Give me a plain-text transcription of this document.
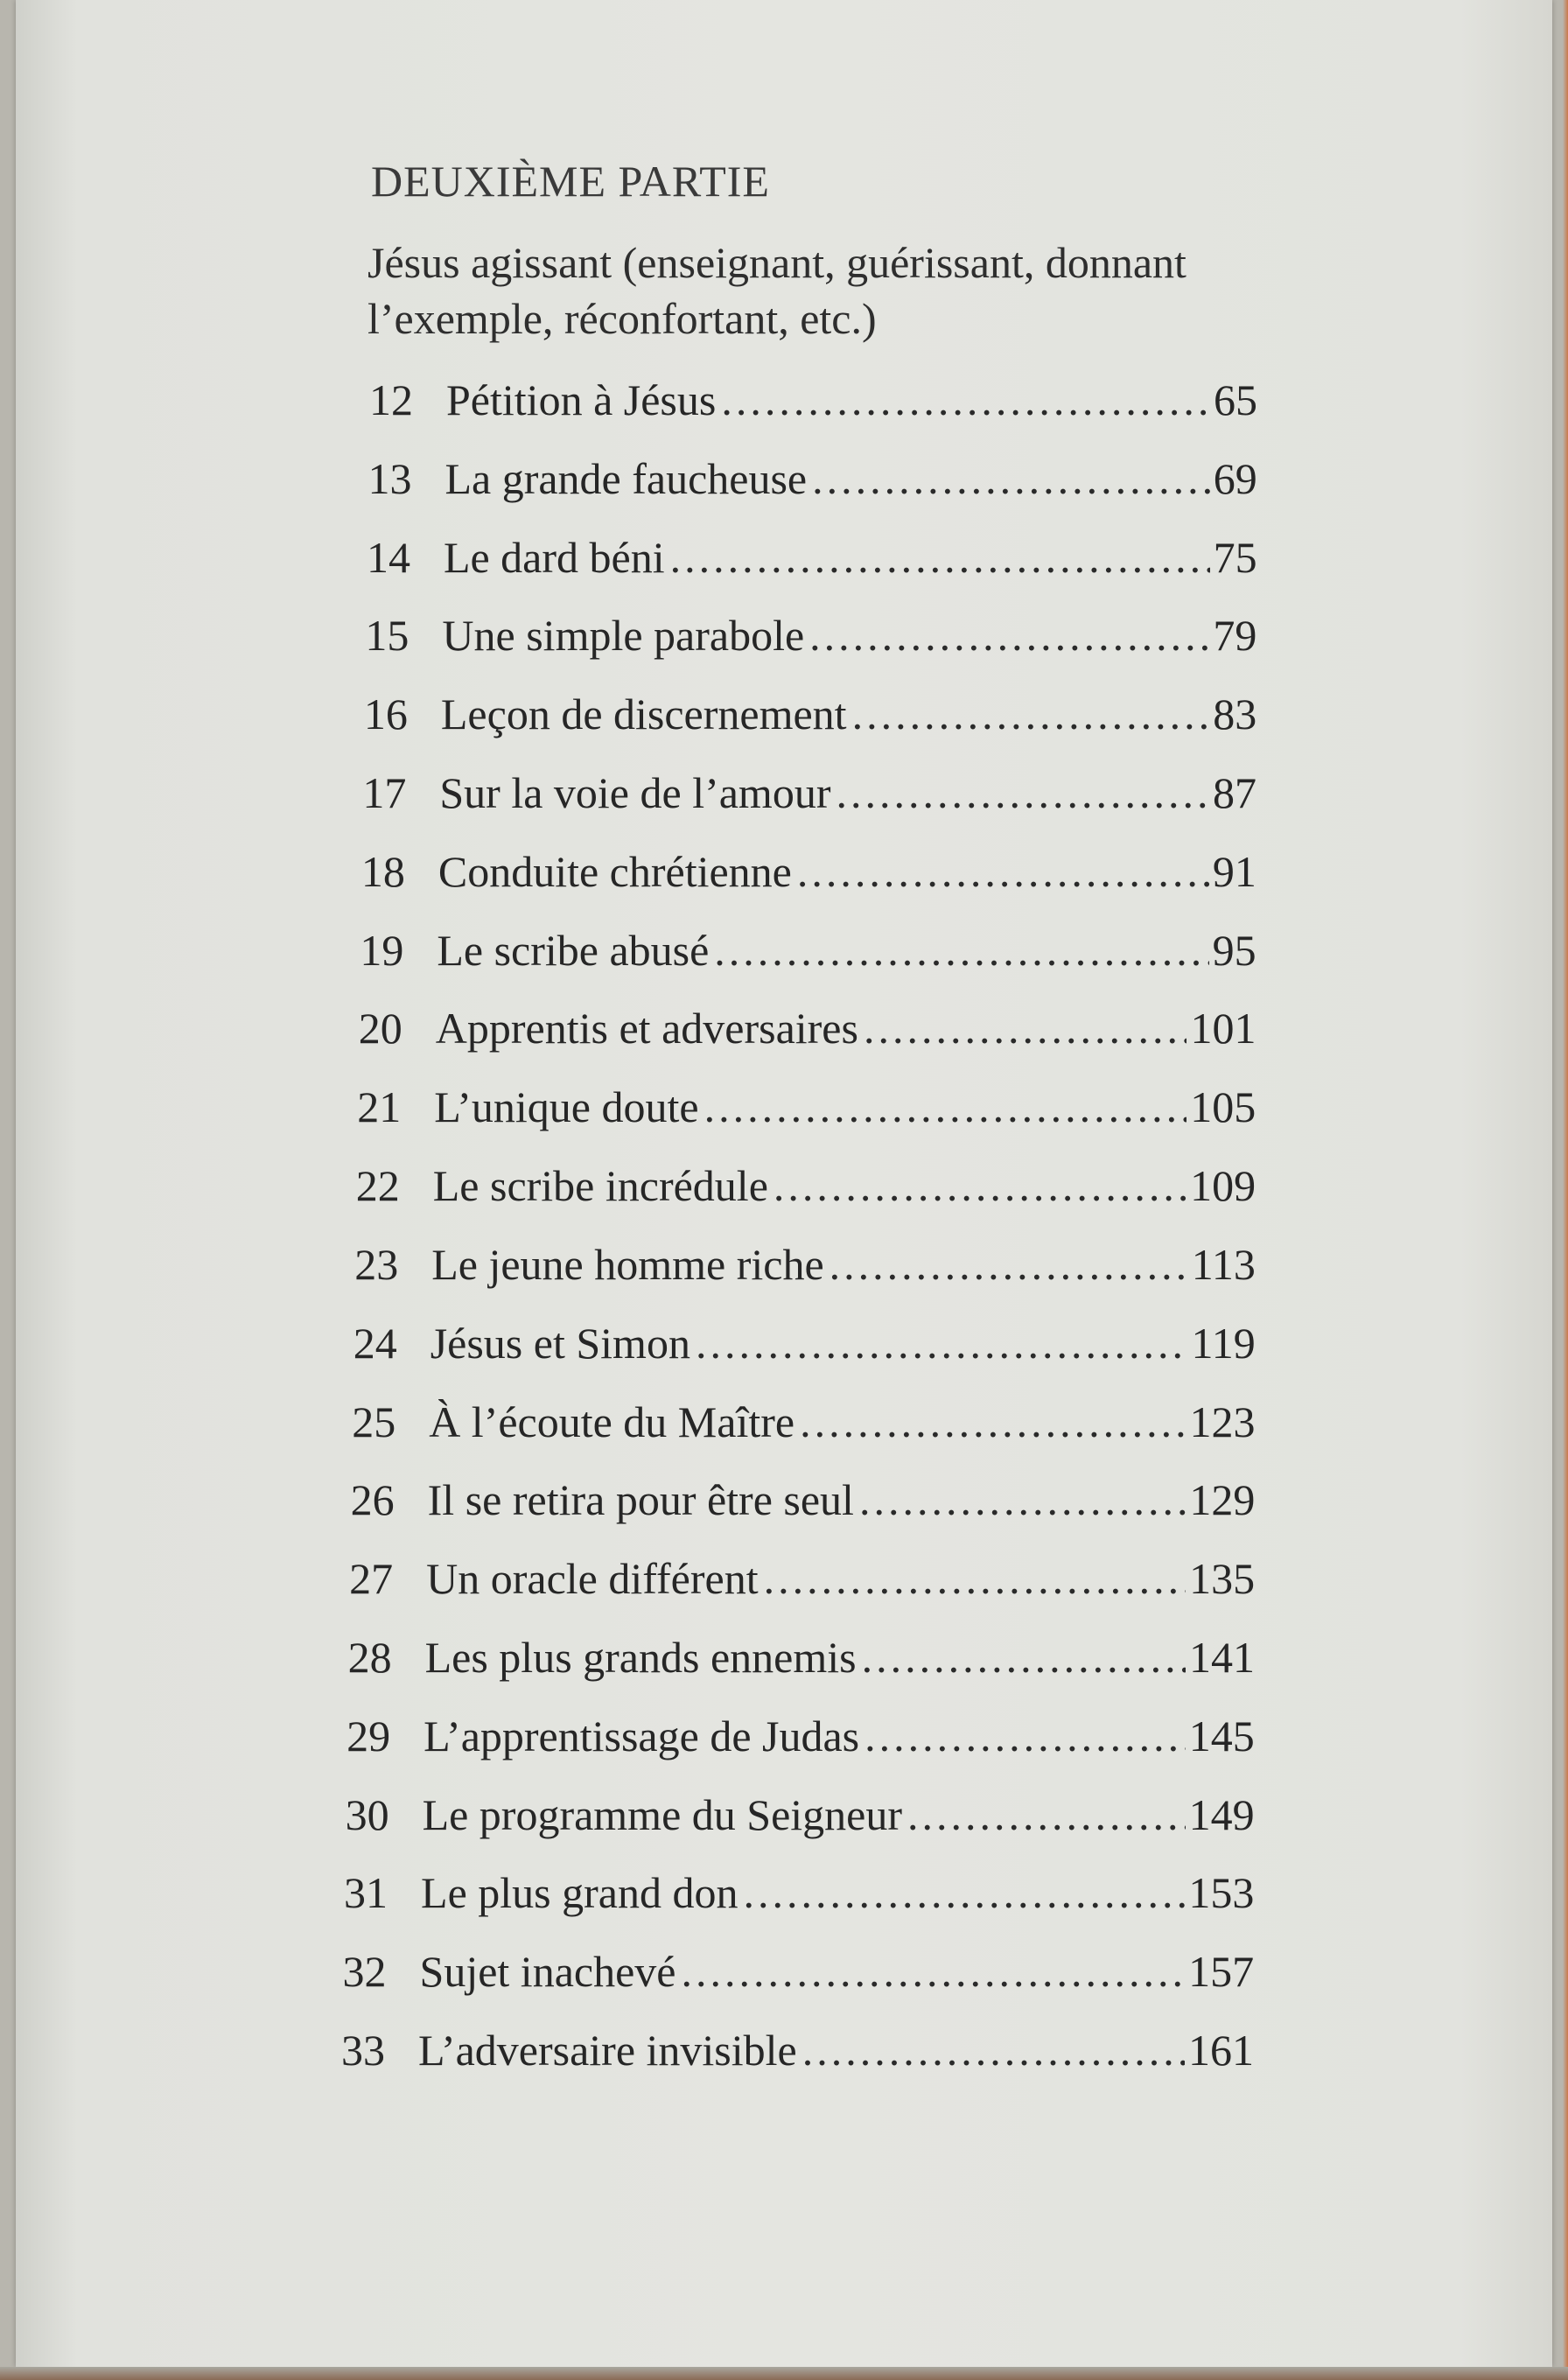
DEUXIÈME PARTIE
Jésus agissant (enseignant, guérissant, donnant l’exemple, réconfortant, etc.)
12 Pétition à Jésus .....	65
13 La grande faucheuse .....	69
14 Le dard béni .....	75
15 Une simple parabole .....	79
16 Leçon de discernement .....	83
17 Sur la voie de l’amour .....	87
18 Conduite chrétienne .....	91
19 Le scribe abusé .....	95
20 Apprentis et adversaires .....	101
21 L’unique doute .....	105
22 Le scribe incrédule .....	109
23 Le jeune homme riche .....	113
24 Jésus et Simon .....	119
25 À l’écoute du Maître .....	123
26 Il se retira pour être seul .....	129
27 Un oracle différent .....	135
28 Les plus grands ennemis .....	141
29 L’apprentissage de Judas .....	145
30 Le programme du Seigneur .....	149
31 Le plus grand don .....	153
32 Sujet inachevé .....	157
33 L’adversaire invisible .....	161
